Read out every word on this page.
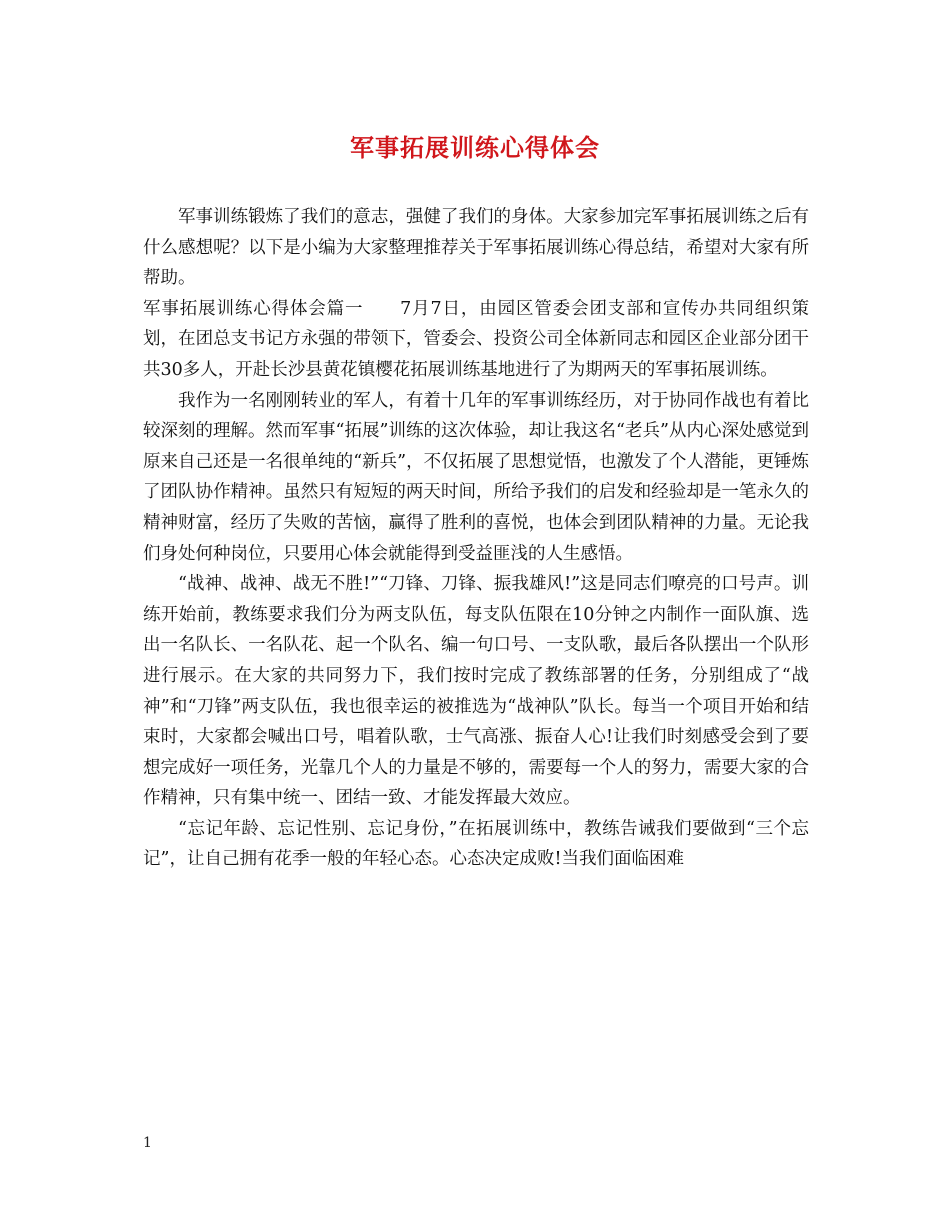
军事拓展训练心得体会

军事训练锻炼了我们的意志，强健了我们的身体。大家参加完军事拓展训练之后有什么感想呢？以下是小编为大家整理推荐关于军事拓展训练心得总结，希望对大家有所帮助。

军事拓展训练心得体会篇一　　7月7日，由园区管委会团支部和宣传办共同组织策划，在团总支书记方永强的带领下，管委会、投资公司全体新同志和园区企业部分团干共30多人，开赴长沙县黄花镇樱花拓展训练基地进行了为期两天的军事拓展训练。

我作为一名刚刚转业的军人，有着十几年的军事训练经历，对于协同作战也有着比较深刻的理解。然而军事“拓展”训练的这次体验，却让我这名“老兵”从内心深处感觉到原来自己还是一名很单纯的“新兵”，不仅拓展了思想觉悟，也激发了个人潜能，更锤炼了团队协作精神。虽然只有短短的两天时间，所给予我们的启发和经验却是一笔永久的精神财富，经历了失败的苦恼，赢得了胜利的喜悦，也体会到团队精神的力量。无论我们身处何种岗位，只要用心体会就能得到受益匪浅的人生感悟。

“战神、战神、战无不胜!”“刀锋、刀锋、振我雄风!”这是同志们嘹亮的口号声。训练开始前，教练要求我们分为两支队伍，每支队伍限在10分钟之内制作一面队旗、选出一名队长、一名队花、起一个队名、编一句口号、一支队歌，最后各队摆出一个队形进行展示。在大家的共同努力下，我们按时完成了教练部署的任务，分别组成了“战神”和“刀锋”两支队伍，我也很幸运的被推选为“战神队”队长。每当一个项目开始和结束时，大家都会喊出口号，唱着队歌，士气高涨、振奋人心!让我们时刻感受会到了要想完成好一项任务，光靠几个人的力量是不够的，需要每一个人的努力，需要大家的合作精神，只有集中统一、团结一致、才能发挥最大效应。

“忘记年龄、忘记性别、忘记身份，”在拓展训练中，教练告诫我们要做到“三个忘记”，让自己拥有花季一般的年轻心态。心态决定成败!当我们面临困难

1
